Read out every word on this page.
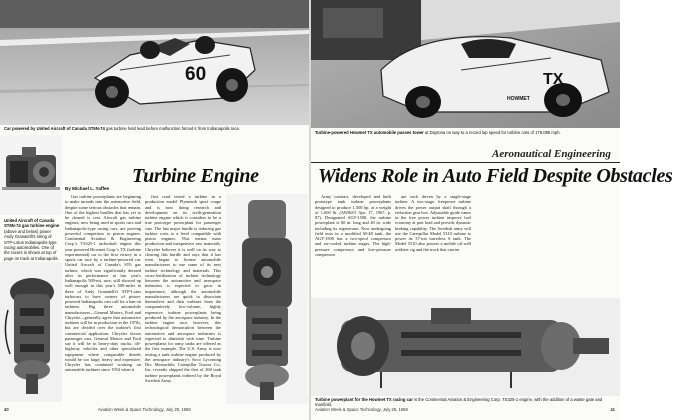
60
Car powered by United Aircraft of Canada ST6N-74 gas turbine held lead before malfunction forced it from Indianapolis race.
United Aircraft of Canada ST6N-74 gas turbine engine (above and below) power Andy Granatelli's string of STP-Lotus Indianapolis-type racing automobiles. One of the racers is shown at top of page on track at Indianapolis.
By Michael L. Yaffee

Gas turbine powerplants are beginning to make inroads into the automotive field, despite some serious obstacles that remain. One of the highest hurdles that has yet to be cleared is cost. Aircraft gas turbine engines, now being used in sports cars and Indianapolis-type racing cars, are proving powerful competitors to piston engines. Continental Aviation & Engineering Corp.'s TS325-1 turboshaft engine this year powered Howmet Corp.'s TX (turbine experimental) car to the first victory in a sports car race by a turbine-powered car. United Aircraft of Canada's ST6 gas turbine, which was significantly derated after its performance at last year's Indianapolis 500-mi. race, still showed up well enough in this year's 500-miler in three of Andy Granatelli's STP-Lotus turbocars to have owners of piston-powered Indianapolis cars call for a ban on turbines. Big three automobile manufacturers—General Motors, Ford and Chrysler—generally agree that automotive turbines will be in production in the 1970s, but are divided over the turbine's first commercial application. Chrysler favors passenger cars. General Motors and Ford say it will be in heavy-duty trucks, off-highway vehicles and other specialized equipment where comparable diesels would be too large, heavy and expensive. Chrysler has continued working on automobile turbines since 1954 when it

first road tested a turbine in a production model Plymouth sport coupe and is now doing research and development on its sixth-generation turbine engine which it considers to be a true prototype powerplant for passenger cars. The last major hurdle is reducing gas turbine costs to a level compatible with piston engines. This means mass production and inexpensive raw materials. Chrysler believes it is well on its way to clearing this hurdle and says that it has even begun to license automobile manufacturers to use some of its new turbine technology and materials. This cross-fertilization of turbine technology between the automotive and aerospace industries is expected to grow in importance, although the automobile manufacturers are quick to dissociate themselves and their turbines from the comparatively low-volume, highly expensive, turbine powerplants being produced by the aerospace industry. In the turbine engine race, however, this technological demarcation between the automotive and aerospace industries is expected to diminish with time. Turbine powerplants for army tanks are offered as the first example. The U.S. Army is now testing a tank turbine engine produced by the aerospace industry's Avco Lycoming Div. Meanwhile, Caterpillar Tractor Co., Inc. recently shipped the first of 260 tank turbine powerplants ordered by the Royal Swedish Army.

40	Aviation Week & Space Technology, July 29, 1968
TX
HOWMET
Turbine-powered Howmet TX automobile passes tower at Daytona on way to a record lap speed for turbine cars of 176.085 mph.
Aeronautical Engineering

Army contract, developed and built prototype tank turbine powerplants designed to produce 1,500 hp. at a weight of 1,600 lb. (AW&ST Apr. 17, 1967, p. 87). Designated AGT-1500, the turbine powerplant is 60 in. long and 40 in. wide including its regenerator. Now undergoing field tests in a modified M-48 tank, the AGT-1500 has a two-spool compressor and air-cooled turbine stages. The high-pressure compressor and low-pressure compressor

are each driven by a single-stage turbine. A two-stage, freepower turbine drives the power output shaft through a reduction gear box. Adjustable guide vanes in the free power turbine improve fuel economy at part load and provide dynamic braking capability. The Swedish army will use the Caterpillar Model 5310 turbine to power its 37-ton turretless S tank. The Model 5310 also powers a mobile oil well acidizer rig and the truck that carries

Turbine powerplant for the Howmet TX racing car is the Continental Aviation & Engineering Corp. TS325-1 engine, with the addition of a waste gate and manifold.
Aviation Week & Space Technology, July 29, 1968	41
Turbine Engine	Widens Role in Auto Field Despite Obstacles
